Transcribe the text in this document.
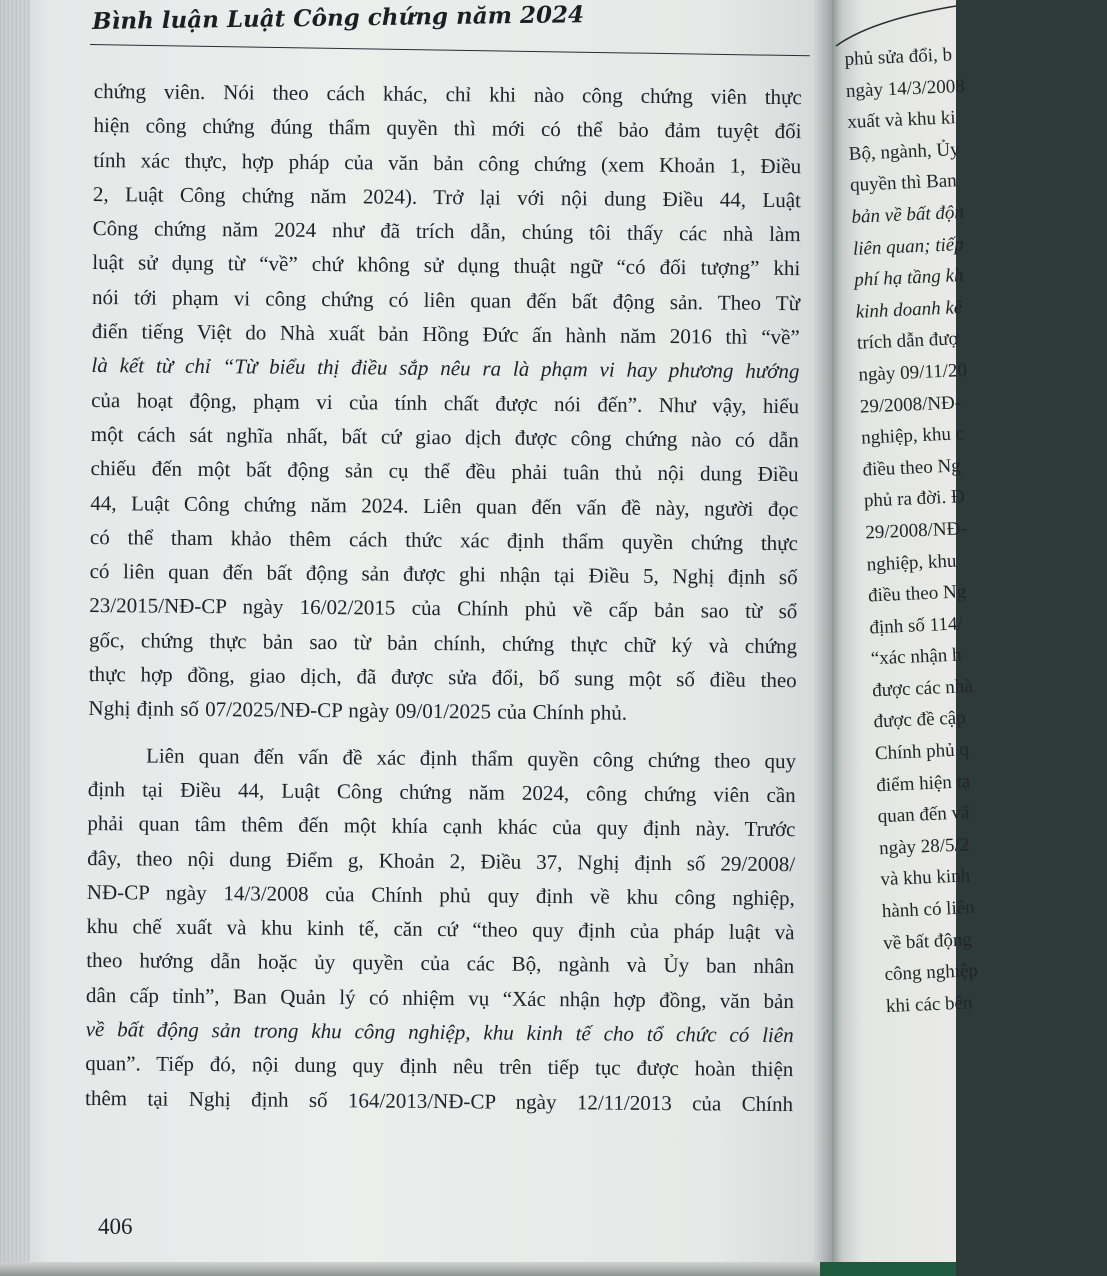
Bình luận Luật Công chứng năm 2024
chứng viên. Nói theo cách khác, chỉ khi nào công chứng viên thực
hiện công chứng đúng thẩm quyền thì mới có thể bảo đảm tuyệt đối
tính xác thực, hợp pháp của văn bản công chứng (xem Khoản 1, Điều
2, Luật Công chứng năm 2024). Trở lại với nội dung Điều 44, Luật
Công chứng năm 2024 như đã trích dẫn, chúng tôi thấy các nhà làm
luật sử dụng từ “về” chứ không sử dụng thuật ngữ “có đối tượng” khi
nói tới phạm vi công chứng có liên quan đến bất động sản. Theo Từ
điển tiếng Việt do Nhà xuất bản Hồng Đức ấn hành năm 2016 thì “về”
là kết từ chỉ “Từ biểu thị điều sắp nêu ra là phạm vi hay phương hướng
của hoạt động, phạm vi của tính chất được nói đến”. Như vậy, hiểu
một cách sát nghĩa nhất, bất cứ giao dịch được công chứng nào có dẫn
chiếu đến một bất động sản cụ thể đều phải tuân thủ nội dung Điều
44, Luật Công chứng năm 2024. Liên quan đến vấn đề này, người đọc
có thể tham khảo thêm cách thức xác định thẩm quyền chứng thực
có liên quan đến bất động sản được ghi nhận tại Điều 5, Nghị định số
23/2015/NĐ-CP ngày 16/02/2015 của Chính phủ về cấp bản sao từ sổ
gốc, chứng thực bản sao từ bản chính, chứng thực chữ ký và chứng
thực hợp đồng, giao dịch, đã được sửa đổi, bổ sung một số điều theo
Nghị định số 07/2025/NĐ-CP ngày 09/01/2025 của Chính phủ.
Liên quan đến vấn đề xác định thẩm quyền công chứng theo quy
định tại Điều 44, Luật Công chứng năm 2024, công chứng viên cần
phải quan tâm thêm đến một khía cạnh khác của quy định này. Trước
đây, theo nội dung Điểm g, Khoản 2, Điều 37, Nghị định số 29/2008/
NĐ-CP ngày 14/3/2008 của Chính phủ quy định về khu công nghiệp,
khu chế xuất và khu kinh tế, căn cứ “theo quy định của pháp luật và
theo hướng dẫn hoặc ủy quyền của các Bộ, ngành và Ủy ban nhân
dân cấp tỉnh”, Ban Quản lý có nhiệm vụ “Xác nhận hợp đồng, văn bản
về bất động sản trong khu công nghiệp, khu kinh tế cho tổ chức có liên
quan”. Tiếp đó, nội dung quy định nêu trên tiếp tục được hoàn thiện
thêm tại Nghị định số 164/2013/NĐ-CP ngày 12/11/2013 của Chính
406
phủ sửa đổi, b
ngày 14/3/2008
xuất và khu ki
Bộ, ngành, Ủy
quyền thì Ban
bản về bất độn
liên quan; tiếp
phí hạ tầng kh
kinh doanh kê
trích dẫn đượ
ngày 09/11/20
29/2008/NĐ-
nghiệp, khu c
điều theo Ng
phủ ra đời. Đ
29/2008/NĐ-
nghiệp, khu
điều theo Ng
định số 114/
“xác nhận h
được các nhà
được đề cập
Chính phủ q
điểm hiện tạ
quan đến vấ
ngày 28/5/2
và khu kinh
hành có liên
về bất động
công nghiệp
khi các bên
